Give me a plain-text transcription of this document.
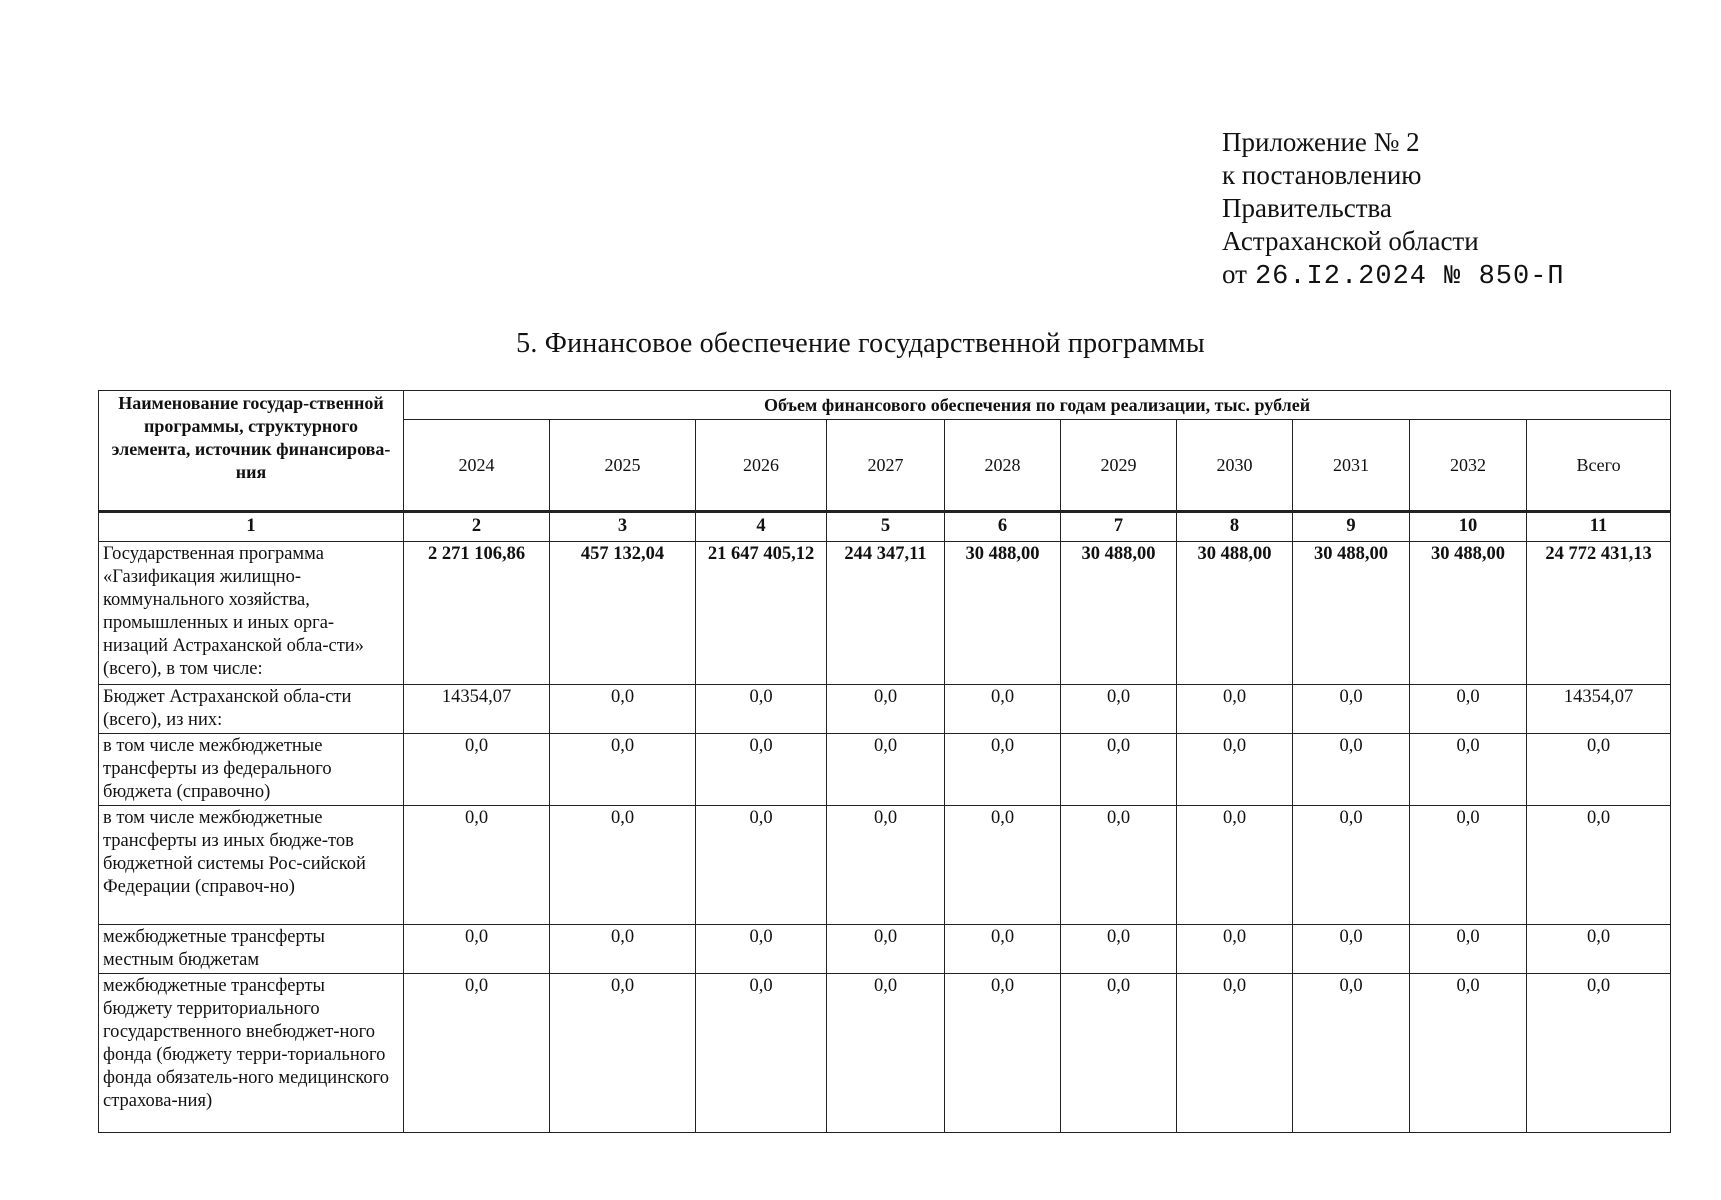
Приложение № 2
к постановлению
Правительства
Астраханской области
от 26.I2.2024 № 850-П
5. Финансовое обеспечение государственной программы
Наименование государ-ственной программы, структурного элемента, источник финансирова-ния	Объем финансового обеспечения по годам реализации, тыс. рублей									
	2024	2025	2026	2027	2028	2029	2030	2031	2032	Всего
1	2	3	4	5	6	7	8	9	10	11
Государственная программа «Газификация жилищно-коммунального хозяйства, промышленных и иных орга-низаций Астраханской обла-сти» (всего), в том числе:	2 271 106,86	457 132,04	21 647 405,12	244 347,11	30 488,00	30 488,00	30 488,00	30 488,00	30 488,00	24 772 431,13
Бюджет Астраханской обла-сти (всего), из них:	14354,07	0,0	0,0	0,0	0,0	0,0	0,0	0,0	0,0	14354,07
в том числе межбюджетные трансферты из федерального бюджета (справочно)	0,0	0,0	0,0	0,0	0,0	0,0	0,0	0,0	0,0	0,0
в том числе межбюджетные трансферты из иных бюдже-тов бюджетной системы Рос-сийской Федерации (справоч-но)	0,0	0,0	0,0	0,0	0,0	0,0	0,0	0,0	0,0	0,0
межбюджетные трансферты местным бюджетам	0,0	0,0	0,0	0,0	0,0	0,0	0,0	0,0	0,0	0,0
межбюджетные трансферты бюджету территориального государственного внебюджет-ного фонда (бюджету терри-ториального фонда обязатель-ного медицинского страхова-ния)	0,0	0,0	0,0	0,0	0,0	0,0	0,0	0,0	0,0	0,0
